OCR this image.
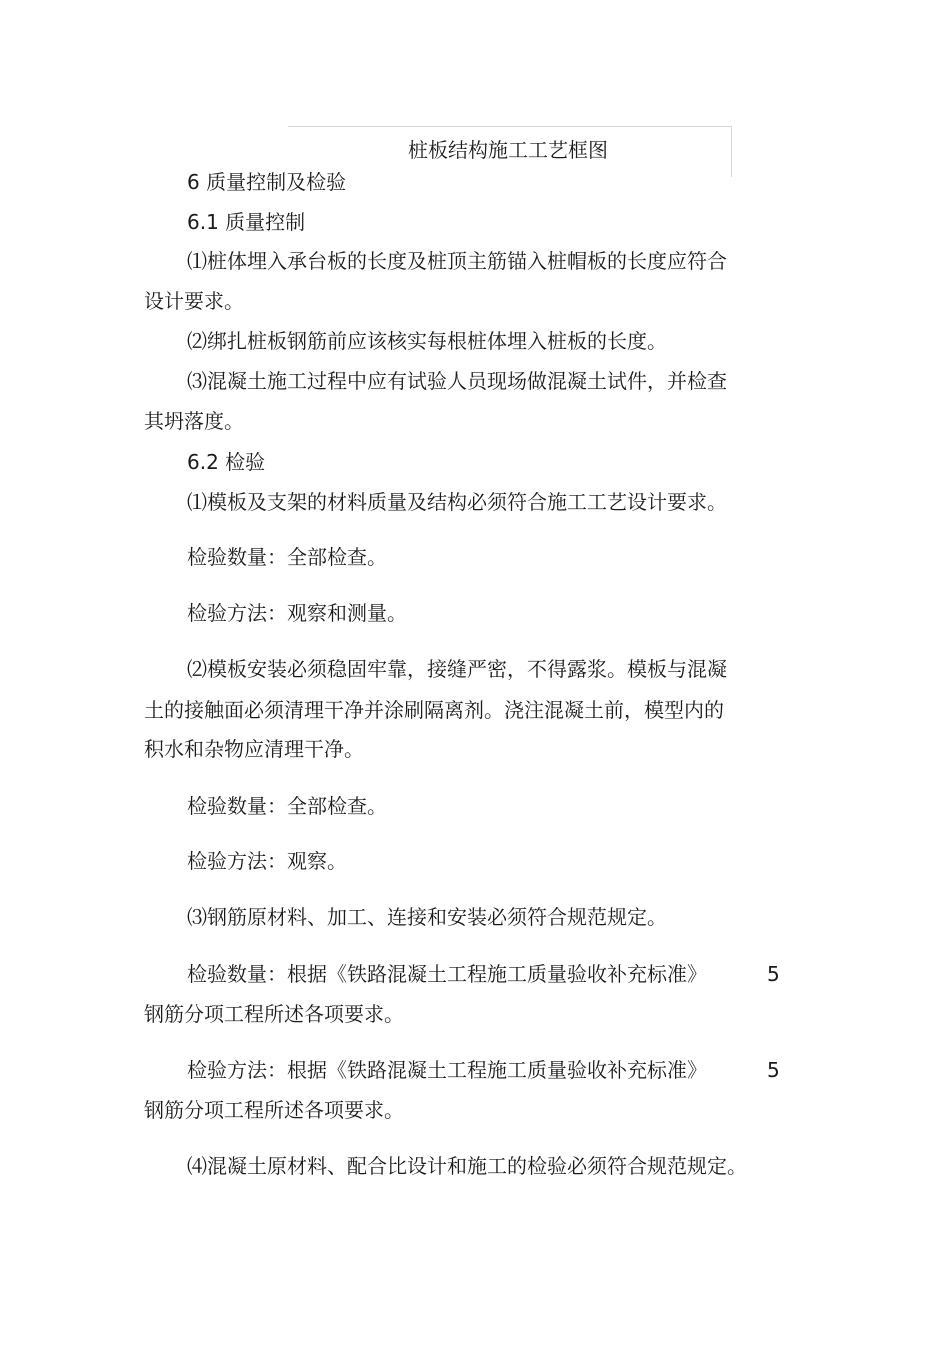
桩板结构施工工艺框图
6 质量控制及检验
6.1 质量控制
⑴桩体埋入承台板的长度及桩顶主筋锚入桩帽板的长度应符合
设计要求。
⑵绑扎桩板钢筋前应该核实每根桩体埋入桩板的长度。
⑶混凝土施工过程中应有试验人员现场做混凝土试件，并检查
其坍落度。
6.2 检验
⑴模板及支架的材料质量及结构必须符合施工工艺设计要求。
检验数量：全部检查。
检验方法：观察和测量。
⑵模板安装必须稳固牢靠，接缝严密，不得露浆。模板与混凝
土的接触面必须清理干净并涂刷隔离剂。浇注混凝土前，模型内的
积水和杂物应清理干净。
检验数量：全部检查。
检验方法：观察。
⑶钢筋原材料、加工、连接和安装必须符合规范规定。
检验数量：根据《铁路混凝土工程施工质量验收补充标准》	5
钢筋分项工程所述各项要求。
检验方法：根据《铁路混凝土工程施工质量验收补充标准》	5
钢筋分项工程所述各项要求。
⑷混凝土原材料、配合比设计和施工的检验必须符合规范规定。
